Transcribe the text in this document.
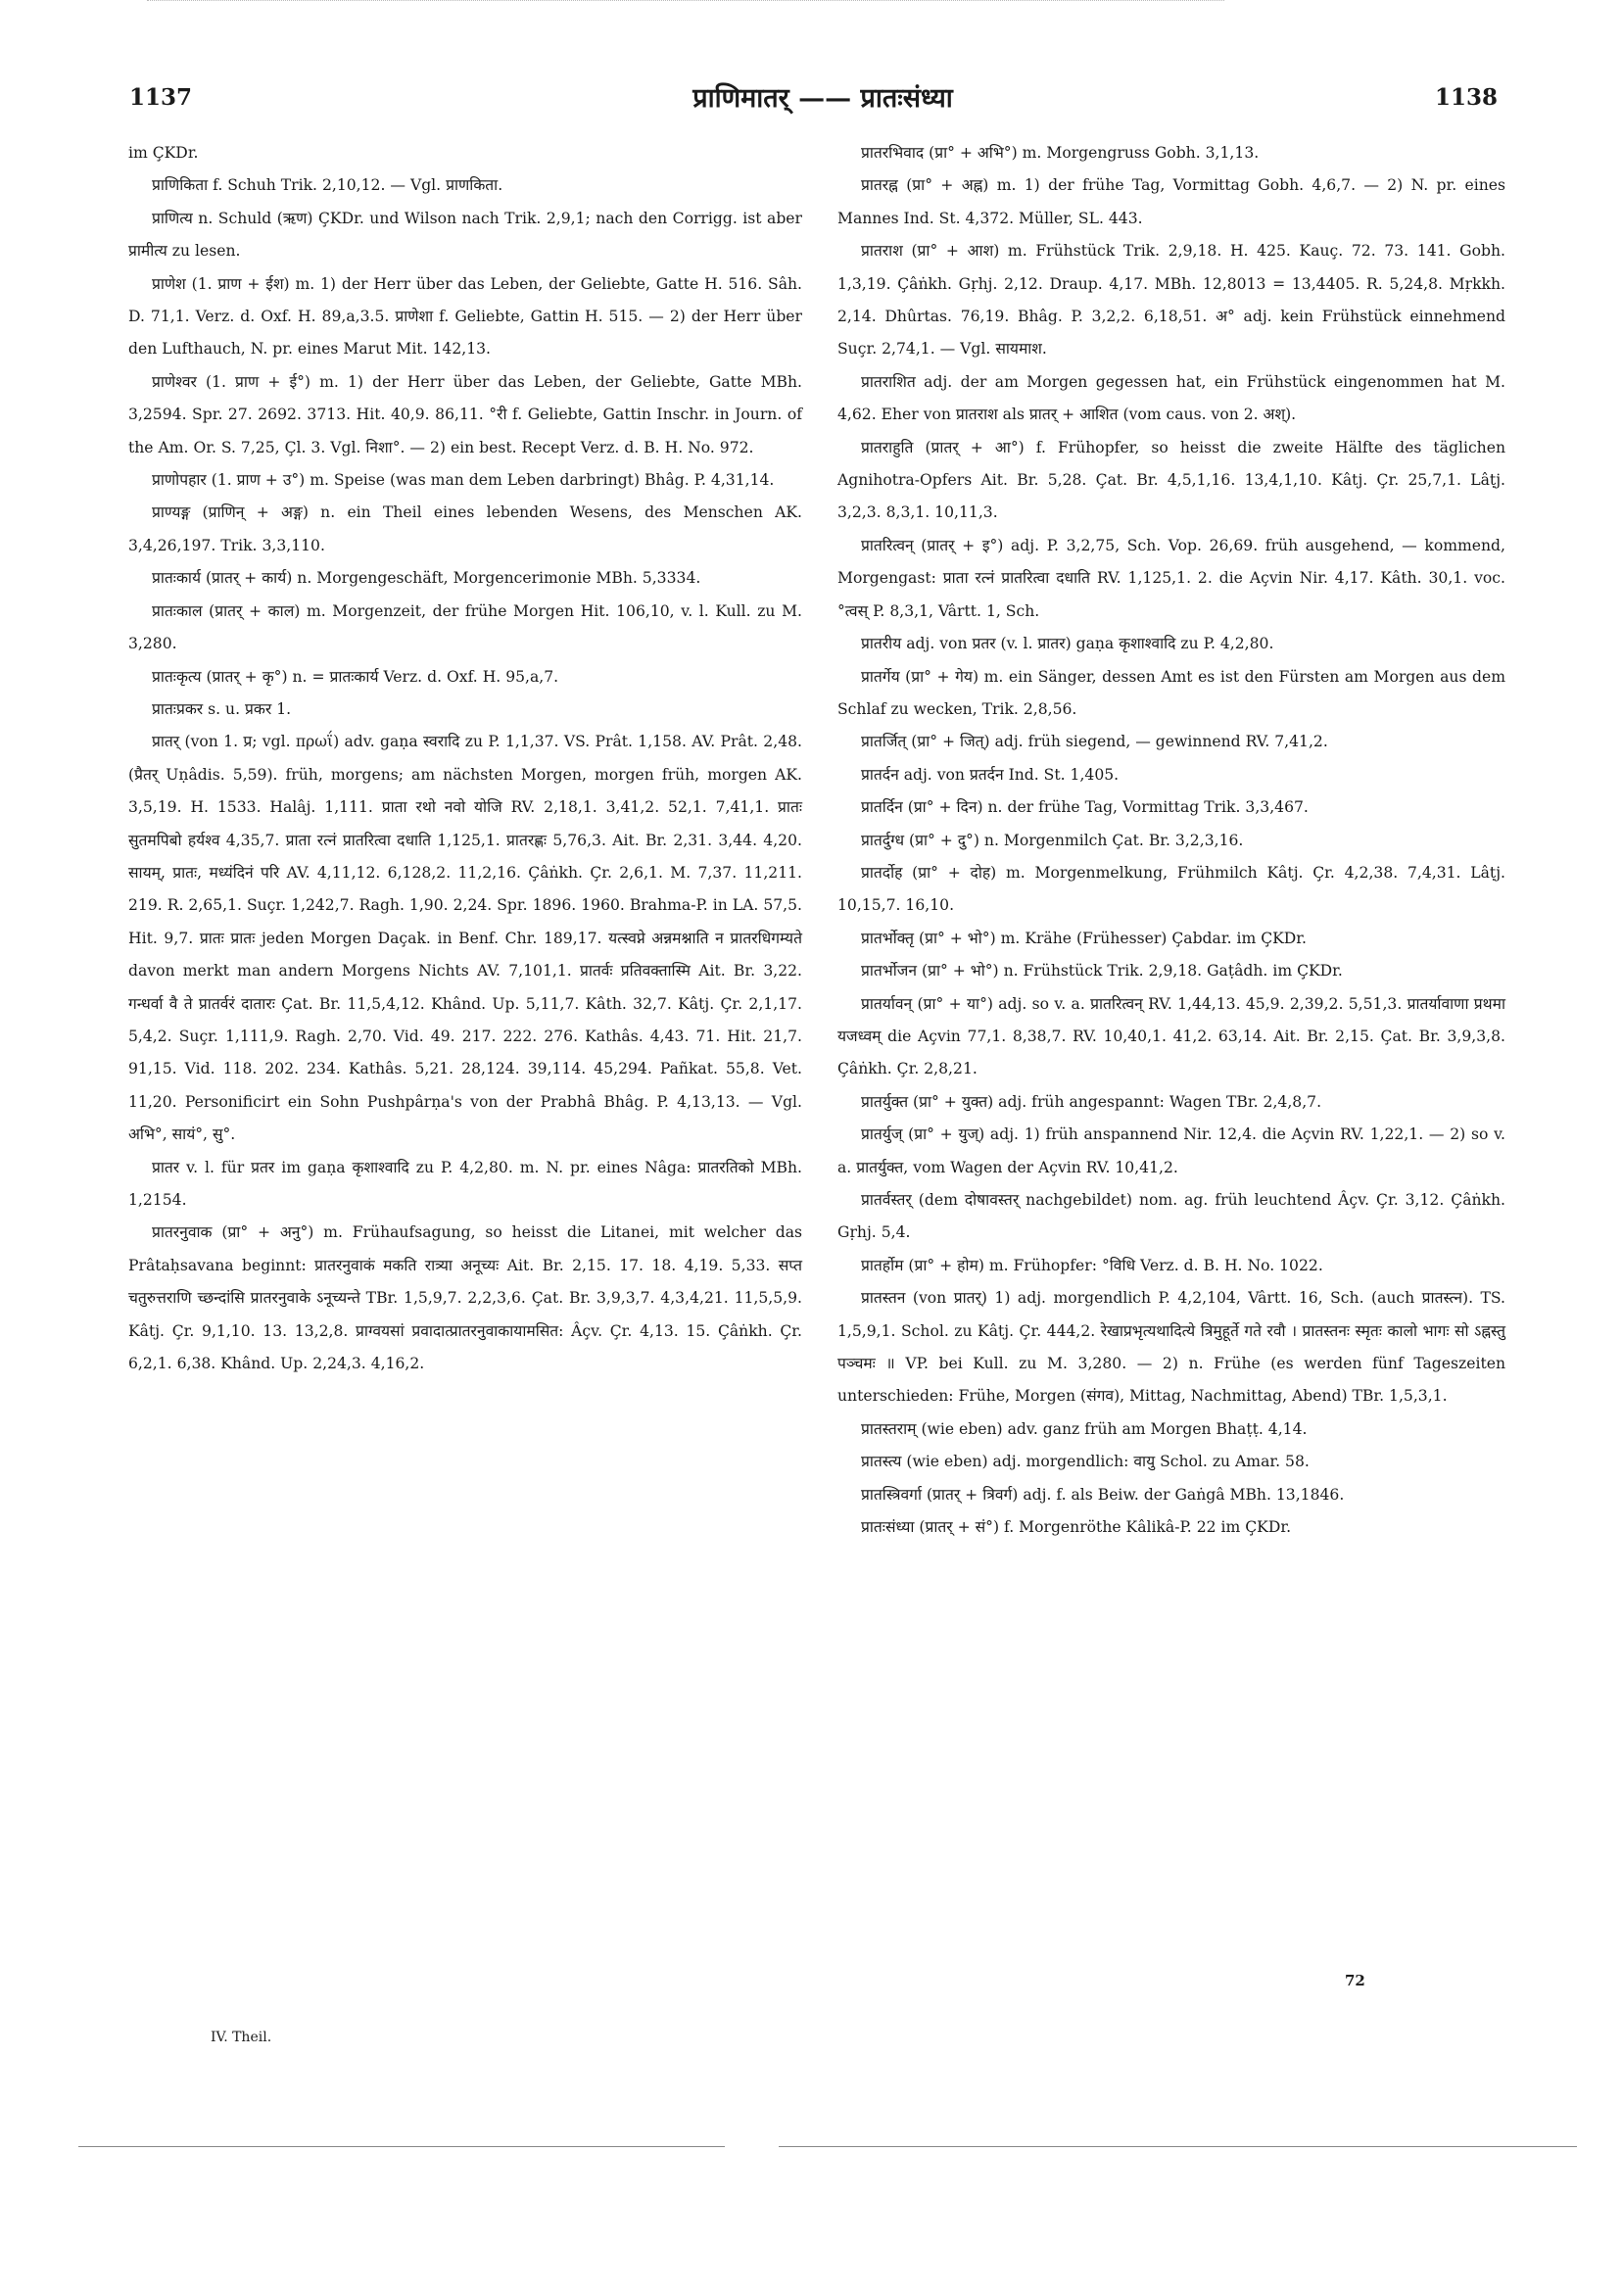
1137	प्राणिमातर् —— प्रातःसंध्या	1138

im ÇKDr.

प्राणिकिता f. Schuh Trik. 2,10,12. — Vgl. प्राणकिता.

प्राणित्य n. Schuld (ऋण) ÇKDr. und Wilson nach Trik. 2,9,1; nach den Corrigg. ist aber प्रामीत्य zu lesen.

प्राणेश (1. प्राण + ईश) m. 1) der Herr über das Leben, der Geliebte, Gatte H. 516. Sâh. D. 71,1. Verz. d. Oxf. H. 89,a,3.5. प्राणेशा f. Geliebte, Gattin H. 515. — 2) der Herr über den Lufthauch, N. pr. eines Marut Mit. 142,13.

प्राणेश्वर (1. प्राण + ई°) m. 1) der Herr über das Leben, der Geliebte, Gatte MBh. 3,2594. Spr. 27. 2692. 3713. Hit. 40,9. 86,11. °री f. Geliebte, Gattin Inschr. in Journ. of the Am. Or. S. 7,25, Çl. 3. Vgl. निशा°. — 2) ein best. Recept Verz. d. B. H. No. 972.

प्राणोपहार (1. प्राण + उ°) m. Speise (was man dem Leben darbringt) Bhâg. P. 4,31,14.

प्राण्यङ्ग (प्राणिन् + अङ्ग) n. ein Theil eines lebenden Wesens, des Menschen AK. 3,4,26,197. Trik. 3,3,110.

प्रातःकार्य (प्रातर् + कार्य) n. Morgengeschäft, Morgencerimonie MBh. 5,3334.

प्रातःकाल (प्रातर् + काल) m. Morgenzeit, der frühe Morgen Hit. 106,10, v. l. Kull. zu M. 3,280.

प्रातःकृत्य (प्रातर् + कृ°) n. = प्रातःकार्य Verz. d. Oxf. H. 95,a,7.

प्रातःप्रकर s. u. प्रकर 1.

प्रातर् (von 1. प्र; vgl. πρωΐ) adv. gaṇa स्वरादि zu P. 1,1,37. VS. Prât. 1,158. AV. Prât. 2,48. (प्रैतर् Uṇâdis. 5,59). früh, morgens; am nächsten Morgen, morgen früh, morgen AK. 3,5,19. H. 1533. Halâj. 1,111. प्राता रथो नवो योजि RV. 2,18,1. 3,41,2. 52,1. 7,41,1. प्रातः सुतमपिबो हर्यश्व 4,35,7. प्राता रत्नं प्रातरित्वा दधाति 1,125,1. प्रातरह्णः 5,76,3. Ait. Br. 2,31. 3,44. 4,20. सायम्, प्रातः, मध्यंदिनं परि AV. 4,11,12. 6,128,2. 11,2,16. Çâṅkh. Çr. 2,6,1. M. 7,37. 11,211. 219. R. 2,65,1. Suçr. 1,242,7. Ragh. 1,90. 2,24. Spr. 1896. 1960. Brahma-P. in LA. 57,5. Hit. 9,7. प्रातः प्रातः jeden Morgen Daçak. in Benf. Chr. 189,17. यत्स्वप्ने अन्नमश्नाति न प्रातरधिगम्यते davon merkt man andern Morgens Nichts AV. 7,101,1. प्रातर्वः प्रतिवक्तास्मि Ait. Br. 3,22. गन्धर्वा वै ते प्रातर्वरं दातारः Çat. Br. 11,5,4,12. Khând. Up. 5,11,7. Kâth. 32,7. Kâtj. Çr. 2,1,17. 5,4,2. Suçr. 1,111,9. Ragh. 2,70. Vid. 49. 217. 222. 276. Kathâs. 4,43. 71. Hit. 21,7. 91,15. Vid. 118. 202. 234. Kathâs. 5,21. 28,124. 39,114. 45,294. Pañkat. 55,8. Vet. 11,20. Personificirt ein Sohn Pushpârṇa's von der Prabhâ Bhâg. P. 4,13,13. — Vgl. अभि°, सायं°, सु°.

प्रातर v. l. für प्रतर im gaṇa कृशाश्वादि zu P. 4,2,80. m. N. pr. eines Nâga: प्रातरतिको MBh. 1,2154.

प्रातरनुवाक (प्रा° + अनु°) m. Frühaufsagung, so heisst die Litanei, mit welcher das Prâtaḥsavana beginnt: प्रातरनुवाकं मकति रात्र्या अनूच्यः Ait. Br. 2,15. 17. 18. 4,19. 5,33. सप्त चतुरुत्तराणि च्छन्दांसि प्रातरनुवाके ऽनूच्यन्ते TBr. 1,5,9,7. 2,2,3,6. Çat. Br. 3,9,3,7. 4,3,4,21. 11,5,5,9. Kâtj. Çr. 9,1,10. 13. 13,2,8. प्राग्वयसां प्रवादात्प्रातरनुवाकायामसित: Âçv. Çr. 4,13. 15. Çâṅkh. Çr. 6,2,1. 6,38. Khând. Up. 2,24,3. 4,16,2.

प्रातरभिवाद (प्रा° + अभि°) m. Morgengruss Gobh. 3,1,13.

प्रातरह्न (प्रा° + अह्न) m. 1) der frühe Tag, Vormittag Gobh. 4,6,7. — 2) N. pr. eines Mannes Ind. St. 4,372. Müller, SL. 443.

प्रातराश (प्रा° + आश) m. Frühstück Trik. 2,9,18. H. 425. Kauç. 72. 73. 141. Gobh. 1,3,19. Çâṅkh. Gṛhj. 2,12. Draup. 4,17. MBh. 12,8013 = 13,4405. R. 5,24,8. Mṛkkh. 2,14. Dhûrtas. 76,19. Bhâg. P. 3,2,2. 6,18,51. अ° adj. kein Frühstück einnehmend Suçr. 2,74,1. — Vgl. सायमाश.

प्रातराशित adj. der am Morgen gegessen hat, ein Frühstück eingenommen hat M. 4,62. Eher von प्रातराश als प्रातर् + आशित (vom caus. von 2. अश्).

प्रातराहुति (प्रातर् + आ°) f. Frühopfer, so heisst die zweite Hälfte des täglichen Agnihotra-Opfers Ait. Br. 5,28. Çat. Br. 4,5,1,16. 13,4,1,10. Kâtj. Çr. 25,7,1. Lâṭj. 3,2,3. 8,3,1. 10,11,3.

प्रातरित्वन् (प्रातर् + इ°) adj. P. 3,2,75, Sch. Vop. 26,69. früh ausgehend, — kommend, Morgengast: प्राता रत्नं प्रातरित्वा दधाति RV. 1,125,1. 2. die Açvin Nir. 4,17. Kâth. 30,1. voc. °त्वस् P. 8,3,1, Vârtt. 1, Sch.

प्रातरीय adj. von प्रतर (v. l. प्रातर) gaṇa कृशाश्वादि zu P. 4,2,80.

प्रातर्गेय (प्रा° + गेय) m. ein Sänger, dessen Amt es ist den Fürsten am Morgen aus dem Schlaf zu wecken, Trik. 2,8,56.

प्रातर्जित् (प्रा° + जित्) adj. früh siegend, — gewinnend RV. 7,41,2.

प्रातर्दन adj. von प्रतर्दन Ind. St. 1,405.

प्रातर्दिन (प्रा° + दिन) n. der frühe Tag, Vormittag Trik. 3,3,467.

प्रातर्दुग्ध (प्रा° + दु°) n. Morgenmilch Çat. Br. 3,2,3,16.

प्रातर्दोह (प्रा° + दोह) m. Morgenmelkung, Frühmilch Kâtj. Çr. 4,2,38. 7,4,31. Lâṭj. 10,15,7. 16,10.

प्रातर्भोक्तृ (प्रा° + भो°) m. Krähe (Frühesser) Çabdar. im ÇKDr.

प्रातर्भोजन (प्रा° + भो°) n. Frühstück Trik. 2,9,18. Gaṭâdh. im ÇKDr.

प्रातर्यावन् (प्रा° + या°) adj. so v. a. प्रातरित्वन् RV. 1,44,13. 45,9. 2,39,2. 5,51,3. प्रातर्यावाणा प्रथमा यजध्वम् die Açvin 77,1. 8,38,7. RV. 10,40,1. 41,2. 63,14. Ait. Br. 2,15. Çat. Br. 3,9,3,8. Çâṅkh. Çr. 2,8,21.

प्रातर्युक्त (प्रा° + युक्त) adj. früh angespannt: Wagen TBr. 2,4,8,7.

प्रातर्युज् (प्रा° + युज्) adj. 1) früh anspannend Nir. 12,4. die Açvin RV. 1,22,1. — 2) so v. a. प्रातर्युक्त, vom Wagen der Açvin RV. 10,41,2.

प्रातर्वस्तर् (dem दोषावस्तर् nachgebildet) nom. ag. früh leuchtend Âçv. Çr. 3,12. Çâṅkh. Gṛhj. 5,4.

प्रातर्होम (प्रा° + होम) m. Frühopfer: °विधि Verz. d. B. H. No. 1022.

प्रातस्तन (von प्रातर्) 1) adj. morgendlich P. 4,2,104, Vârtt. 16, Sch. (auch प्रातस्त्न). TS. 1,5,9,1. Schol. zu Kâtj. Çr. 444,2. रेखाप्रभृत्यथादित्ये त्रिमुहूर्ते गते रवौ । प्रातस्तनः स्मृतः कालो भागः सो ऽह्नस्तु पञ्चमः ॥ VP. bei Kull. zu M. 3,280. — 2) n. Frühe (es werden fünf Tageszeiten unterschieden: Frühe, Morgen (संगव), Mittag, Nachmittag, Abend) TBr. 1,5,3,1.

प्रातस्तराम् (wie eben) adv. ganz früh am Morgen Bhaṭṭ. 4,14.

प्रातस्त्य (wie eben) adj. morgendlich: वायु Schol. zu Amar. 58.

प्रातस्त्रिवर्गा (प्रातर् + त्रिवर्ग) adj. f. als Beiw. der Gaṅgâ MBh. 13,1846.

प्रातःसंध्या (प्रातर् + सं°) f. Morgenröthe Kâlikâ-P. 22 im ÇKDr.

IV. Theil.
72
